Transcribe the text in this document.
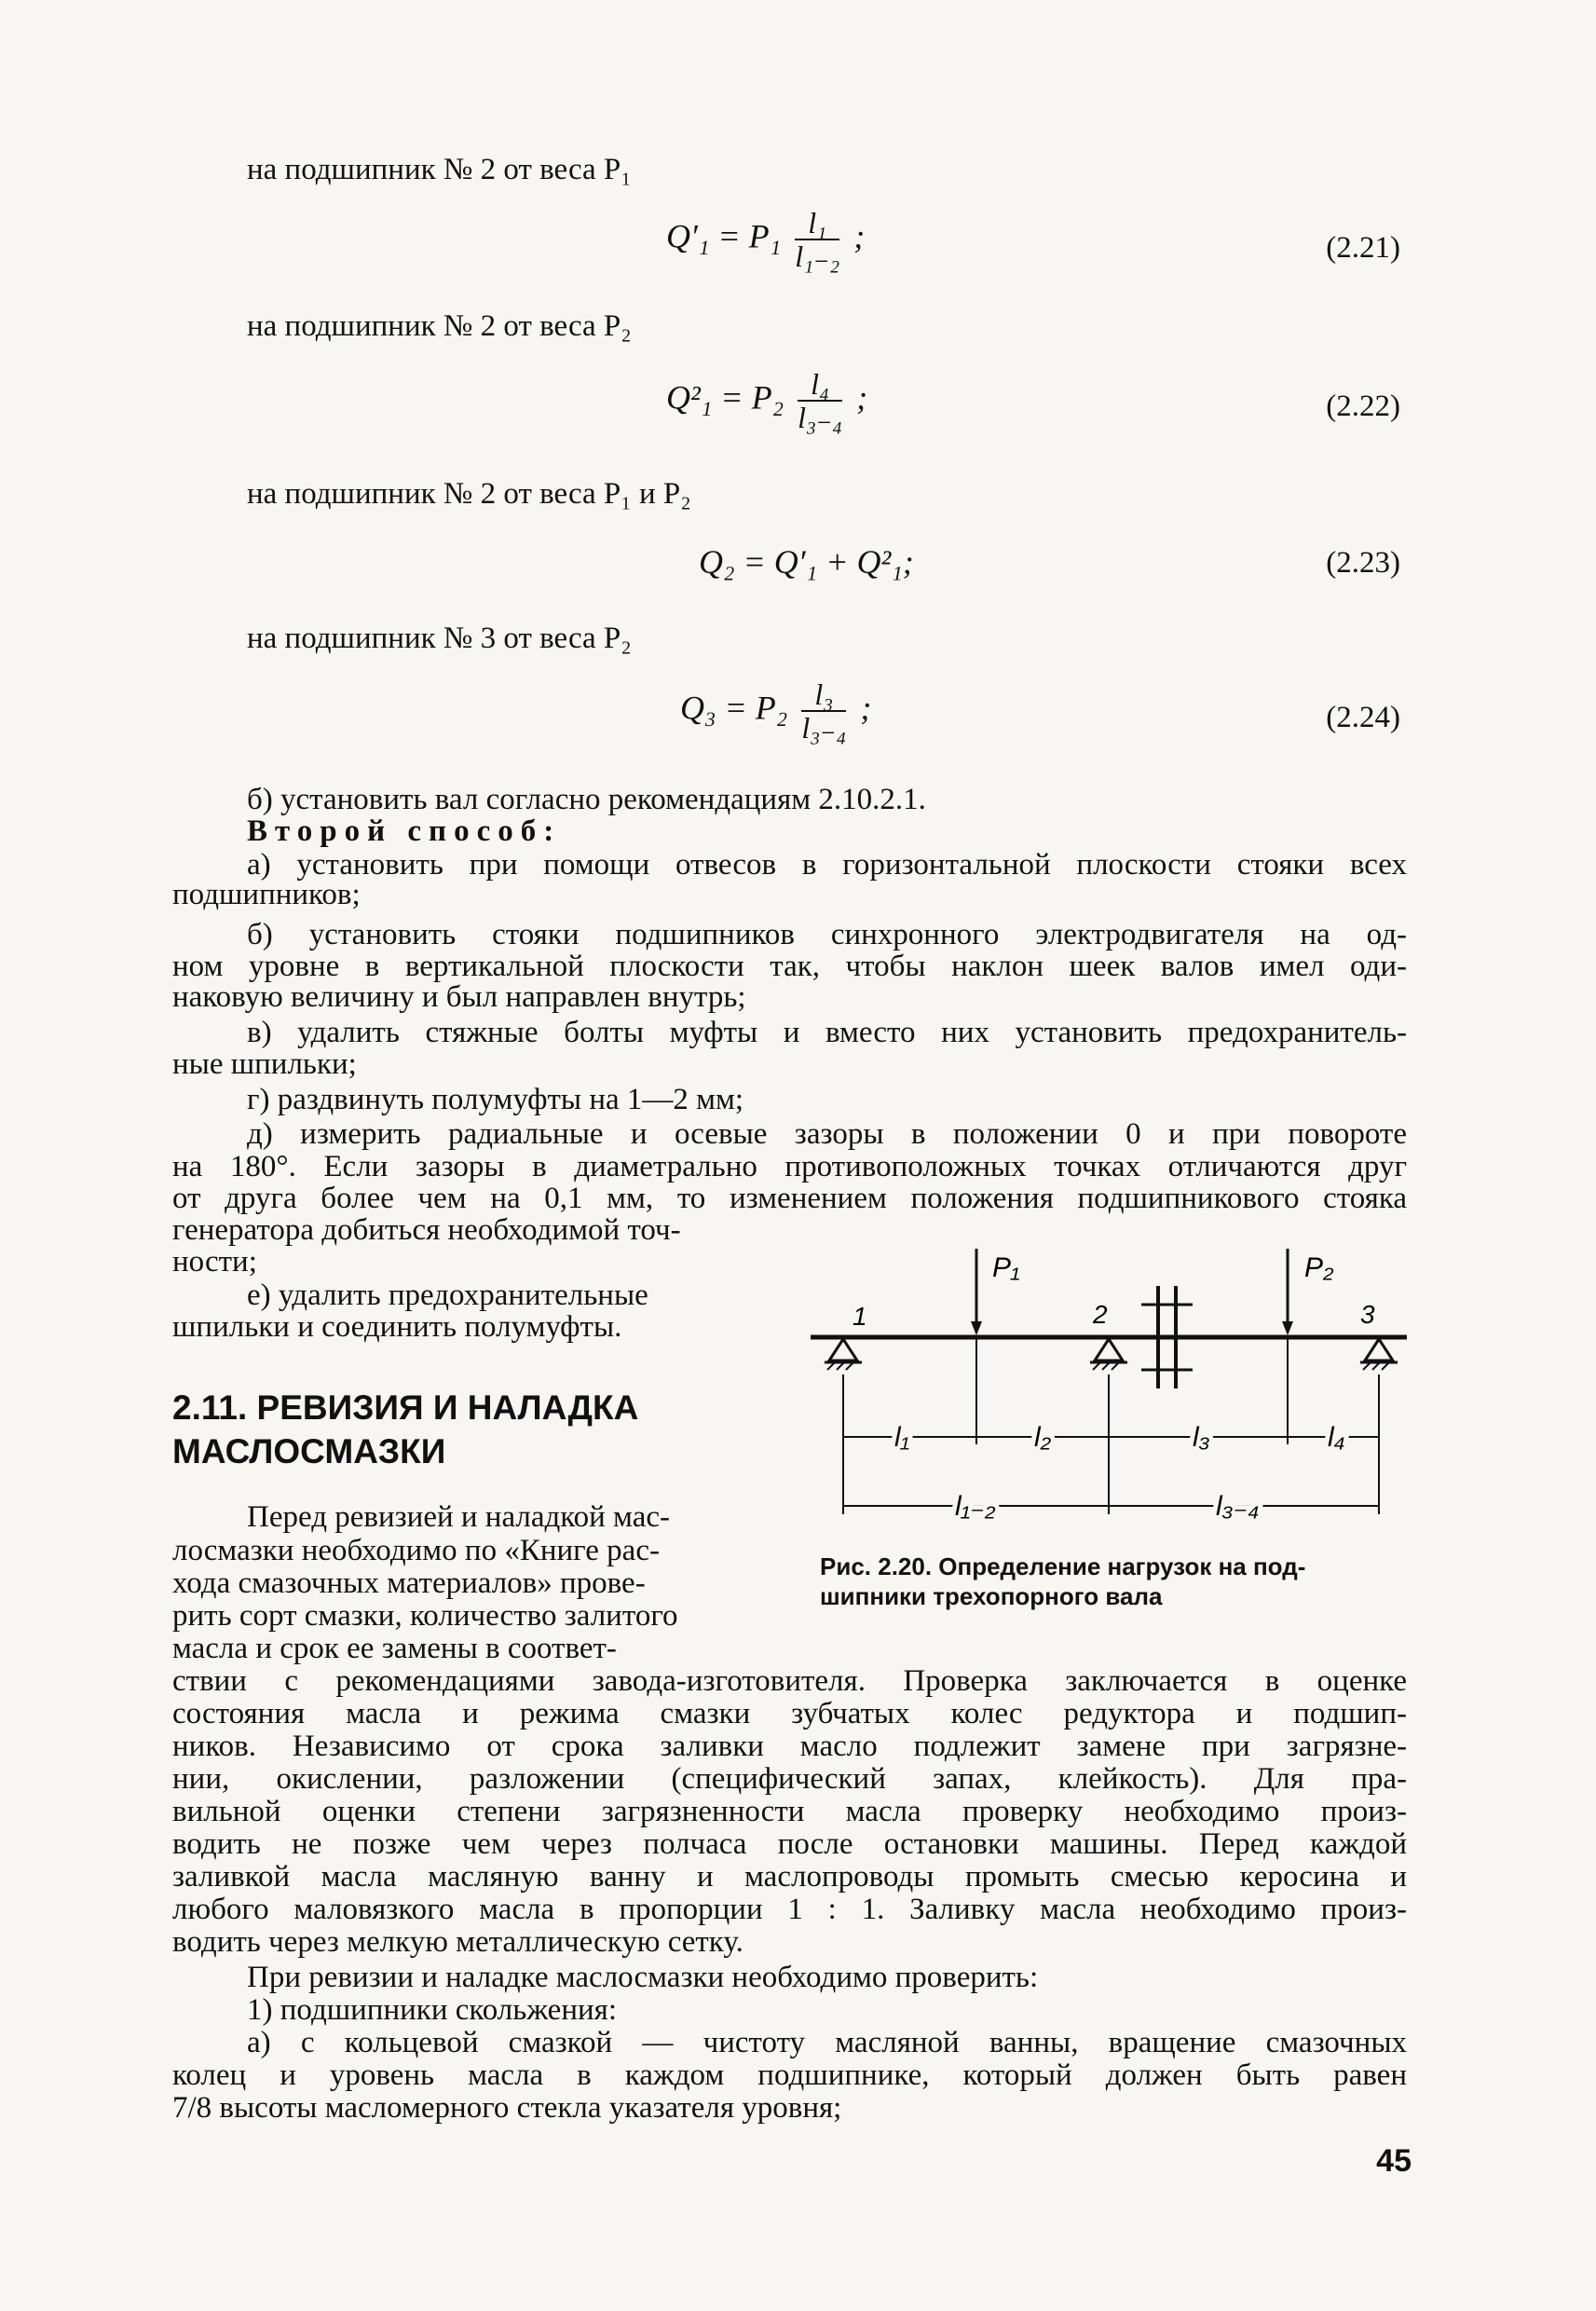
на подшипник № 2 от веса P₁
$Q'_1 = P_1 \frac{\text{l₁}}{\text{l₁₋₂}}$ ;	(2.21)
на подшипник № 2 от веса P₂
$Q^2_1 = P_2 \frac{\text{l₄}}{\text{l₃₋₄}}$ ;	(2.22)
на подшипник № 2 от веса P₁ и P₂
Q₂ = Q′₁ + Q²₁;	(2.23)
на подшипник № 3 от веса P₂
$Q_3 = P_2 \frac{\text{l₃}}{\text{l₃₋₄}}$ ;	(2.24)
б) установить вал согласно рекомендациям 2.10.2.1.
Второй способ:
а) установить при помощи отвесов в горизонтальной плоскости стояки всех
подшипников;
б) установить стояки подшипников синхронного электродвигателя на од-
ном уровне в вертикальной плоскости так, чтобы наклон шеек валов имел оди-
наковую величину и был направлен внутрь;
в) удалить стяжные болты муфты и вместо них установить предохранитель-
ные шпильки;
г) раздвинуть полумуфты на 1—2 мм;
д) измерить радиальные и осевые зазоры в положении 0 и при повороте
на 180°. Если зазоры в диаметрально противоположных точках отличаются друг
от друга более чем на 0,1 мм, то изменением положения подшипникового стояка
генератора добиться необходимой точ-
ности;
е) удалить предохранительные
шпильки и соединить полумуфты.
2.11. РЕВИЗИЯ И НАЛАДКА
МАСЛОСМАЗКИ
Перед ревизией и наладкой мас-
лосмазки необходимо по «Книге рас-
хода смазочных материалов» прове-
рить сорт смазки, количество залитого
масла и срок ее замены в соответ-
ствии с рекомендациями завода-изготовителя. Проверка заключается в оценке
состояния масла и режима смазки зубчатых колес редуктора и подшип-
ников. Независимо от срока заливки масло подлежит замене при загрязне-
нии, окислении, разложении (специфический запах, клейкость). Для пра-
вильной оценки степени загрязненности масла проверку необходимо произ-
водить не позже чем через полчаса после остановки машины. Перед каждой
заливкой масла масляную ванну и маслопроводы промыть смесью керосина и
любого маловязкого масла в пропорции 1 : 1. Заливку масла необходимо произ-
водить через мелкую металлическую сетку.
При ревизии и наладке маслосмазки необходимо проверить:
1) подшипники скольжения:
а) с кольцевой смазкой — чистоту масляной ванны, вращение смазочных
колец и уровень масла в каждом подшипнике, который должен быть равен
7/8 высоты масломерного стекла указателя уровня;
P₁	P₂
1	2	3
l₁	l₂	l₃	l₄
l₁₋₂	l₃₋₄
Рис. 2.20. Определение нагрузок на под-
шипники трехопорного вала
45
